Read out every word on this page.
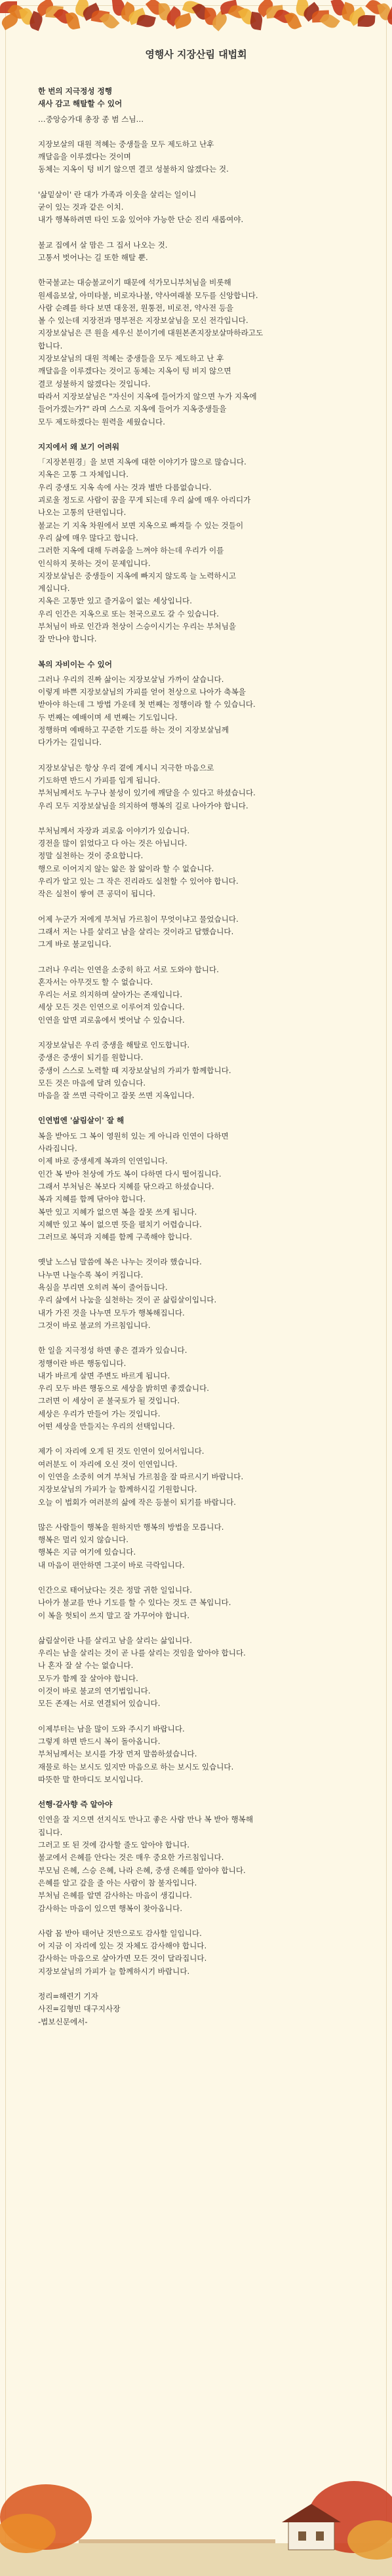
영행사 지장산림 대법회

한 번의 지극정성 정행
새사 감고 해탈할 수 있어

…중앙승가대 총장 종 범 스님…

지장보살의 대원 적혜는 중생들을 모두 제도하고 난후
깨달음을 이루겠다는 것이며
동체는 지옥이 텅 비기 않으면 결코 성불하지 않겠다는 것.

'삶밑살이' 란 대가 가족과 이웃을 살리는 일이니
굳이 있는 것과 같은 이치.
내가 행복하려면 타인 도움 있어야 가능한 단순 진리 새롭여야.

불교 집에서 살 맘은 그 집서 나오는 것.
고통서 벗어나는 길 또한 해탈 뿐.

한국불교는 대승불교이기 때문에 석가모니부처님을 비롯해
원세음보살, 아미타불, 비로자나불, 약사여래불 모두를 신앙합니다.
사람 순례를 하다 보면 대웅전, 원통전, 비로전, 약사전 등을
볼 수 있는데 지장전과 명부전은 지장보살님을 모신 전각입니다.
지장보살님은 큰 원을 세우신 분이기에 대원본존지장보살마하라고도
합니다.
지장보살님의 대원 적혜는 중생들을 모두 제도하고 난 후
깨달음을 이루겠다는 것이고 동체는 지옥이 텅 비지 않으면
결코 성불하지 않겠다는 것입니다.
따라서 지장보살님은 "자신이 지옥에 들어가지 않으면 누가 지옥에
들어가겠는가?" 라며 스스로 지옥에 들어가 지옥중생들을
모두 제도하겠다는 원력을 세웠습니다.

지지에서 왜 보기 어려워

「지장본원경」을 보면 지옥에 대한 이야기가 많으로 많습니다.
지옥은 고통 그 자체입니다.
우리 중생도 지옥 속에 사는 것과 별반 다름없습니다.
괴로울 정도로 사람이 꿈을 꾸게 되는데 우리 삶에 매우 아리디가
나오는 고통의 단편입니다.
불교는 기 지옥 차원에서 보면 지옥으로 빠져들 수 있는 것들이
우리 삶에 매우 많다고 합니다.
그러한 지옥에 대해 두려움을 느껴야 하는데 우리가 이를
인식하지 못하는 것이 문제입니다.
지장보살님은 중생들이 지옥에 빠지지 않도록 늘 노력하시고
계십니다.
지옥은 고통만 있고 즐거움이 없는 세상입니다.
우리 인간은 지옥으로 또는 천국으로도 갈 수 있습니다.
부처님이 바로 인간과 천상이 스승이시기는 우리는 부처님을
잘 만나야 합니다.

복의 자비이는 수 있어

그러나 우리의 진짜 삶이는 지장보살님 가까이 살습니다.
이렇게 바쁜 지장보살님의 가피를 얻어 천상으로 나아가 축복을
받아야 하는데 그 방법 가운데 첫 번째는 정행이라 할 수 있습니다.
두 번째는 예배이며 세 번째는 기도입니다.
정행하며 예배하고 꾸준한 기도를 하는 것이 지장보살님께
다가가는 길입니다.

지장보살님은 항상 우리 곁에 계시니 지극한 마음으로
기도하면 반드시 가피를 입게 됩니다.
부처님께서도 누구나 불성이 있기에 깨달을 수 있다고 하셨습니다.
우리 모두 지장보살님을 의지하여 행복의 길로 나아가야 합니다.

부처님께서 자장과 괴로움 이야기가 있습니다.
경전을 많이 읽었다고 다 아는 것은 아닙니다.
정말 실천하는 것이 중요합니다.
행으로 이어지지 않는 앎은 참 앎이라 할 수 없습니다.
우리가 알고 있는 그 작은 진리라도 실천할 수 있어야 합니다.
작은 실천이 쌓여 큰 공덕이 됩니다.

어제 누군가 저에게 부처님 가르침이 무엇이냐고 물었습니다.
그래서 저는 나를 살리고 남을 살리는 것이라고 답했습니다.
그게 바로 불교입니다.

그러나 우리는 인연을 소중히 하고 서로 도와야 합니다.
혼자서는 아무것도 할 수 없습니다.
우리는 서로 의지하며 살아가는 존재입니다.
세상 모든 것은 인연으로 이루어져 있습니다.
인연을 알면 괴로움에서 벗어날 수 있습니다.

지장보살님은 우리 중생을 해탈로 인도합니다.
중생은 중생이 되기를 원합니다.
중생이 스스로 노력할 때 지장보살님의 가피가 함께합니다.
모든 것은 마음에 달려 있습니다.
마음을 잘 쓰면 극락이고 잘못 쓰면 지옥입니다.

인연법엔 '삶림살이' 잘 해

복을 받아도 그 복이 영원히 있는 게 아니라 인연이 다하면
사라집니다.
이제 바로 중생세계 복과의 인연입니다.
인간 복 받아 천상에 가도 복이 다하면 다시 떨어집니다.
그래서 부처님은 복보다 지혜를 닦으라고 하셨습니다.
복과 지혜를 함께 닦아야 합니다.
복만 있고 지혜가 없으면 복을 잘못 쓰게 됩니다.
지혜만 있고 복이 없으면 뜻을 펼치기 어렵습니다.
그러므로 복덕과 지혜를 함께 구족해야 합니다.

옛날 노스님 말씀에 복은 나누는 것이라 했습니다.
나누면 나눌수록 복이 커집니다.
욕심을 부리면 오히려 복이 줄어듭니다.
우리 삶에서 나눔을 실천하는 것이 곧 삶림살이입니다.
내가 가진 것을 나누면 모두가 행복해집니다.
그것이 바로 불교의 가르침입니다.

한 일을 지극정성 하면 좋은 결과가 있습니다.
정행이란 바른 행동입니다.
내가 바르게 살면 주변도 바르게 됩니다.
우리 모두 바른 행동으로 세상을 밝히면 좋겠습니다.
그러면 이 세상이 곧 불국토가 될 것입니다.
세상은 우리가 만들어 가는 것입니다.
어떤 세상을 만들지는 우리의 선택입니다.

제가 이 자리에 오게 된 것도 인연이 있어서입니다.
여러분도 이 자리에 오신 것이 인연입니다.
이 인연을 소중히 여겨 부처님 가르침을 잘 따르시기 바랍니다.
지장보살님의 가피가 늘 함께하시길 기원합니다.
오늘 이 법회가 여러분의 삶에 작은 등불이 되기를 바랍니다.

많은 사람들이 행복을 원하지만 행복의 방법을 모릅니다.
행복은 멀리 있지 않습니다.
행복은 지금 여기에 있습니다.
내 마음이 편안하면 그곳이 바로 극락입니다.

인간으로 태어났다는 것은 정말 귀한 일입니다.
나아가 불교를 만나 기도를 할 수 있다는 것도 큰 복입니다.
이 복을 헛되이 쓰지 말고 잘 가꾸어야 합니다.

삶림살이란 나를 살리고 남을 살리는 삶입니다.
우리는 남을 살리는 것이 곧 나를 살리는 것임을 알아야 합니다.
나 혼자 잘 살 수는 없습니다.
모두가 함께 잘 살아야 합니다.
이것이 바로 불교의 연기법입니다.
모든 존재는 서로 연결되어 있습니다.

이제부터는 남을 많이 도와 주시기 바랍니다.
그렇게 하면 반드시 복이 돌아옵니다.
부처님께서는 보시를 가장 먼저 말씀하셨습니다.
재물로 하는 보시도 있지만 마음으로 하는 보시도 있습니다.
따뜻한 말 한마디도 보시입니다.

선행·갈사향 즉 알아야

인연을 잘 지으면 선지식도 만나고 좋은 사람 만나 복 받아 행복해
집니다.
그러고 또 된 것에 감사할 줄도 알아야 합니다.
불교에서 은혜를 안다는 것은 매우 중요한 가르침입니다.
부모님 은혜, 스승 은혜, 나라 은혜, 중생 은혜를 알아야 합니다.
은혜를 알고 갚을 줄 아는 사람이 참 불자입니다.
부처님 은혜를 알면 감사하는 마음이 생깁니다.
감사하는 마음이 있으면 행복이 찾아옵니다.

사람 몸 받아 태어난 것만으로도 감사할 일입니다.
어 지금 이 자리에 있는 것 자체도 감사해야 합니다.
감사하는 마음으로 살아가면 모든 것이 달라집니다.
지장보살님의 가피가 늘 함께하시기 바랍니다.

정리=해련기 기자
사진=김형민 대구지사장
-법보신문에서-
